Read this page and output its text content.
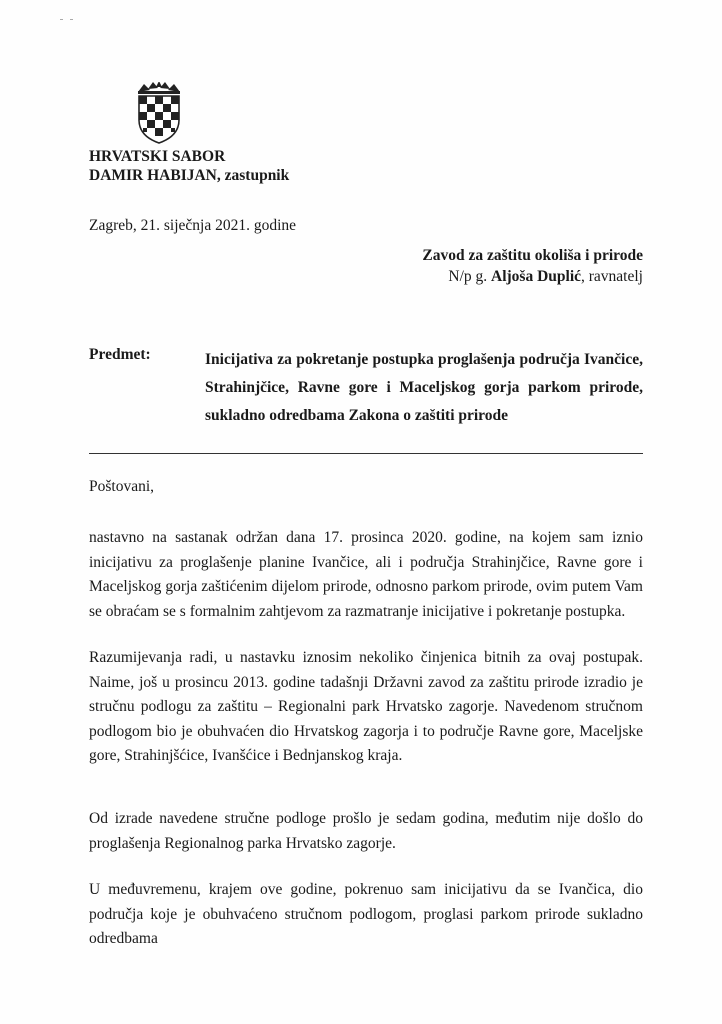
HRVATSKI SABOR
DAMIR HABIJAN, zastupnik
Zagreb, 21. siječnja 2021. godine
Zavod za zaštitu okoliša i prirode
N/p g. Aljoša Duplić, ravnatelj
Predmet:	Inicijativa za pokretanje postupka proglašenja područja Ivančice, Strahinjčice, Ravne gore i Maceljskog gorja parkom prirode, sukladno odredbama Zakona o zaštiti prirode

Poštovani,

nastavno na sastanak održan dana 17. prosinca 2020. godine, na kojem sam iznio inicijativu za proglašenje planine Ivančice, ali i područja Strahinjčice, Ravne gore i Maceljskog gorja zaštićenim dijelom prirode, odnosno parkom prirode, ovim putem Vam se obraćam se s formalnim zahtjevom za razmatranje inicijative i pokretanje postupka.

Razumijevanja radi, u nastavku iznosim nekoliko činjenica bitnih za ovaj postupak. Naime, još u prosincu 2013. godine tadašnji Državni zavod za zaštitu prirode izradio je stručnu podlogu za zaštitu – Regionalni park Hrvatsko zagorje. Navedenom stručnom podlogom bio je obuhvaćen dio Hrvatskog zagorja i to područje Ravne gore, Maceljske gore, Strahinjšćice, Ivanšćice i Bednjanskog kraja.

Od izrade navedene stručne podloge prošlo je sedam godina, međutim nije došlo do proglašenja Regionalnog parka Hrvatsko zagorje.

U međuvremenu, krajem ove godine, pokrenuo sam inicijativu da se Ivančica, dio područja koje je obuhvaćeno stručnom podlogom, proglasi parkom prirode sukladno odredbama
